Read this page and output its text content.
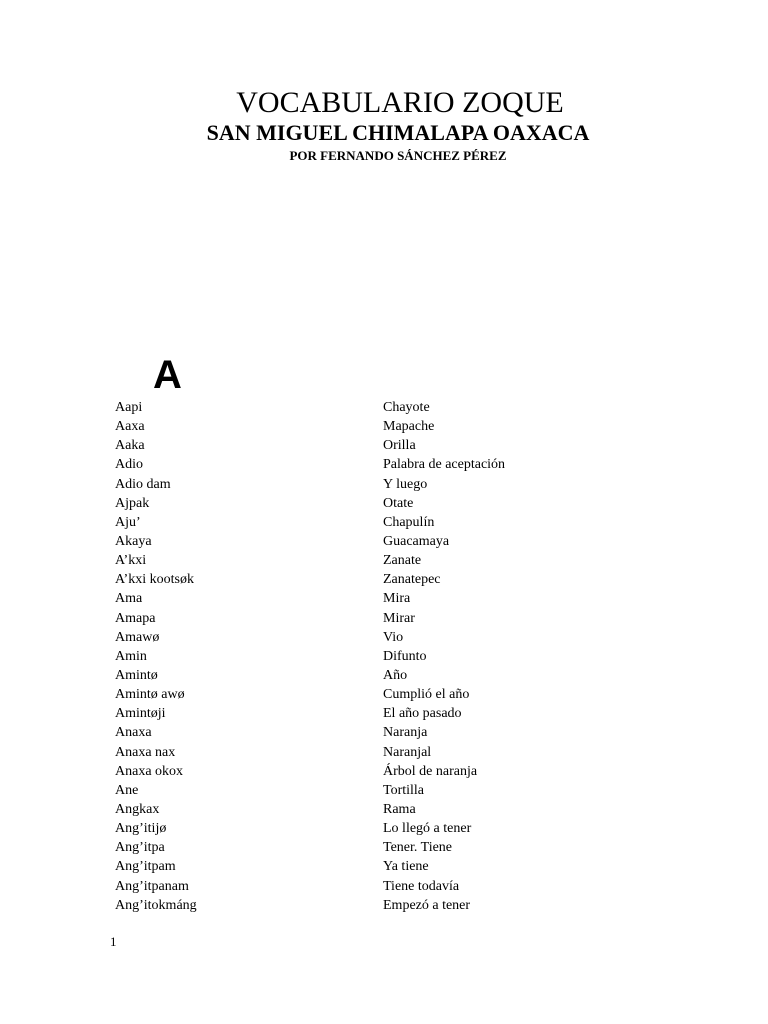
VOCABULARIO ZOQUE
SAN MIGUEL CHIMALAPA OAXACA
POR FERNANDO SÁNCHEZ PÉREZ
A
Aapi	Chayote
Aaxa	Mapache
Aaka	Orilla
Adio	Palabra de aceptación
Adio dam	Y luego
Ajpak	Otate
Aju’	Chapulín
Akaya	Guacamaya
A’kxi	Zanate
A’kxi kootsøk	Zanatepec
Ama	Mira
Amapa	Mirar
Amawø	Vio
Amin	Difunto
Amintø	Año
Amintø awø	Cumplió el año
Amintøji	El año pasado
Anaxa	Naranja
Anaxa nax	Naranjal
Anaxa okox	Árbol de naranja
Ane	Tortilla
Angkax	Rama
Ang’itijø	Lo llegó a tener
Ang’itpa	Tener. Tiene
Ang’itpam	Ya tiene
Ang’itpanam	Tiene todavía
Ang’itokmáng	Empezó a tener
1
